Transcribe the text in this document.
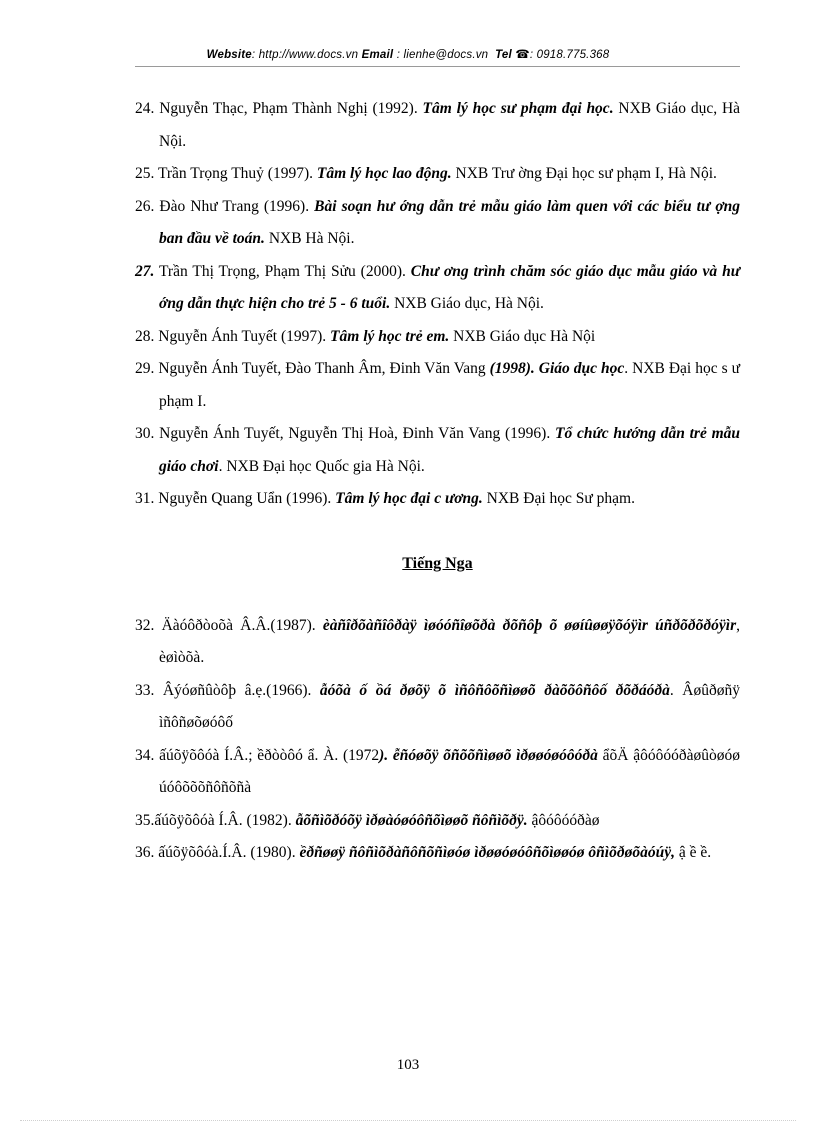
Website: http://www.docs.vn Email : lienhe@docs.vn Tel ☎: 0918.775.368

24. Nguyễn Thạc, Phạm Thành Nghị (1992). Tâm lý học sư phạm đại học. NXB Giáo dục, Hà Nội.

25. Trần Trọng Thuỷ (1997). Tâm lý học lao động. NXB Trư ờng Đại học sư phạm I, Hà Nội.

26. Đào Như Trang (1996). Bài soạn hư ớng dẫn trẻ mẫu giáo làm quen với các biểu tư ợng ban đầu về toán. NXB Hà Nội.

27. Trần Thị Trọng, Phạm Thị Sửu (2000). Chư ơng trình chăm sóc giáo dục mẫu giáo và hư ớng dẫn thực hiện cho trẻ 5 - 6 tuổi. NXB Giáo dục, Hà Nội.

28. Nguyễn Ánh Tuyết (1997). Tâm lý học trẻ em. NXB Giáo dục Hà Nội

29. Nguyễn Ánh Tuyết, Đào Thanh Âm, Đinh Văn Vang (1998). Giáo dục học. NXB Đại học s ư phạm I.

30. Nguyễn Ánh Tuyết, Nguyễn Thị Hoà, Đinh Văn Vang (1996). Tổ chức hướng dẫn trẻ mẫu giáo chơi. NXB Đại học Quốc gia Hà Nội.

31. Nguyễn Quang Uẩn (1996). Tâm lý học đại c ương. NXB Đại học Sư phạm.

Tiếng Nga

32. Äàóôðòoõà Â.Â.(1987). èàñîðõàñîôðàÿ ìøóóñîøõðà ðõñôþ õ øøíûøøÿõóÿìr úñðõðõðóÿìr, èøìòõà.

33. Âýóøñûòôþ â.ẹ.(1966). ẫóõà ố ồá ðøõÿ õ ìñôñôõñìøøõ ðàõõôñôố ðõðáóðà. Âøûðøñÿ ìñôñøõøóôố

34. ấúõÿõôóà Í.Â.; ềðòòôó ẩ. À. (1972). ễñóøõÿ õñõõñìøøõ ìðøøóøóôóðà ẩõÄ ậôóôóóðàøûòøóø úóôõõõñôñõñà

35.ấúõÿõôóà Í.Â. (1982). ẫõñìõðóõÿ ìðøàóøóôñõìøøõ ñôñìõðÿ. ậôóôóóðàø

36. ấúõÿõôóà.Í.Â. (1980). ềðñøøÿ ñôñìõðàñôñõñìøóø ìðøøóøóôñõìøøóø ôñìõðøõàóúÿ, ậ ề ề.

103
